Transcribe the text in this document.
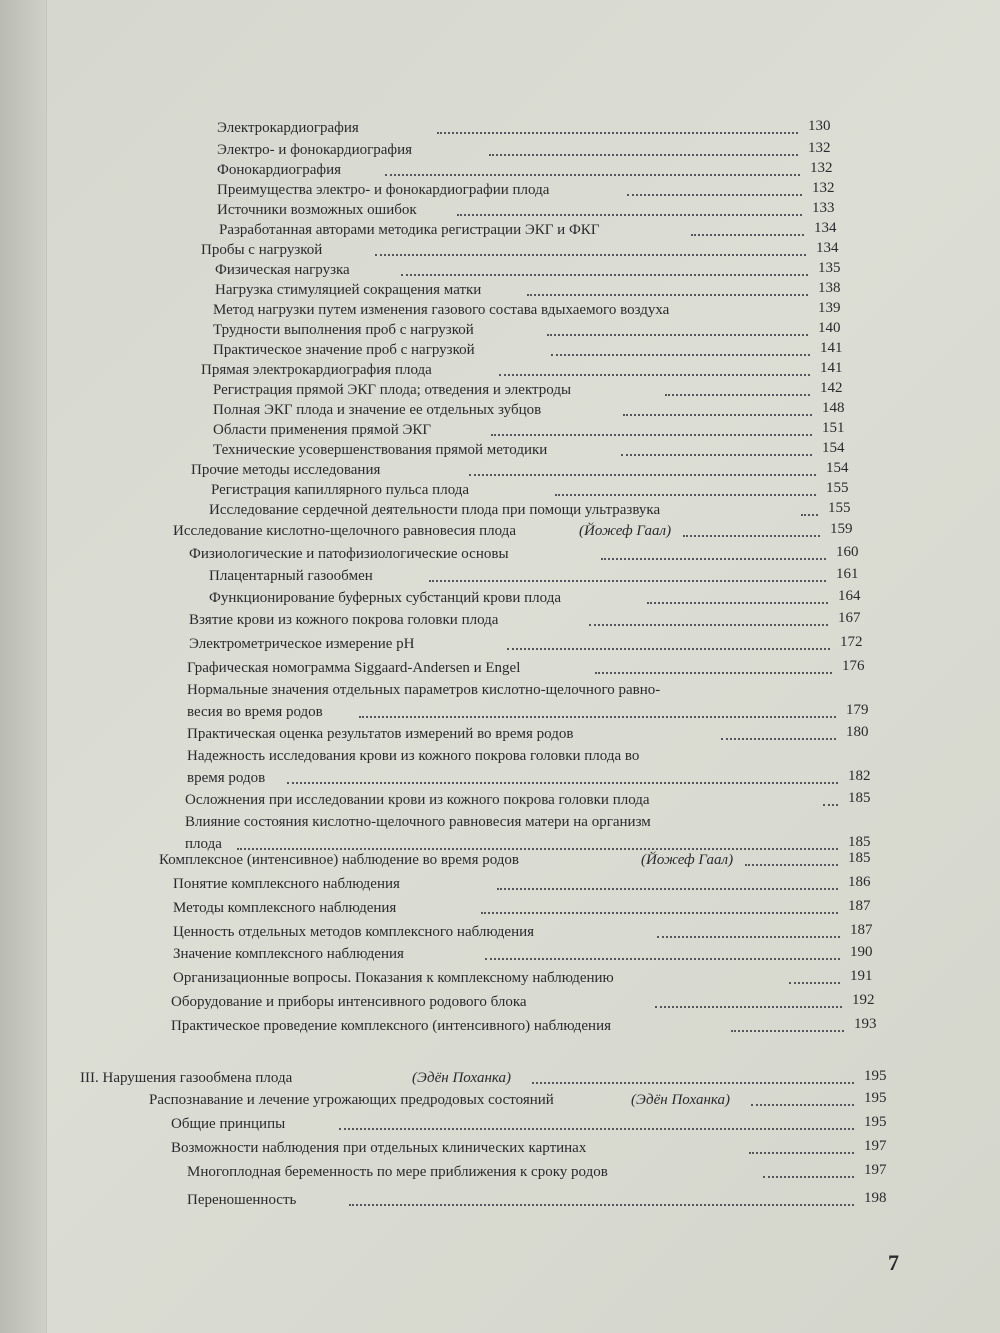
Электрокардиография	130
Электро- и фонокардиография	132
Фонокардиография	132
Преимущества электро- и фонокардиографии плода	132
Источники возможных ошибок	133
Разработанная авторами методика регистрации ЭКГ и ФКГ	134
Пробы с нагрузкой	134
Физическая нагрузка	135
Нагрузка стимуляцией сокращения матки	138
Метод нагрузки путем изменения газового состава вдыхаемого воздуха	139
Трудности выполнения проб с нагрузкой	140
Практическое значение проб с нагрузкой	141
Прямая электрокардиография плода	141
Регистрация прямой ЭКГ плода; отведения и электроды	142
Полная ЭКГ плода и значение ее отдельных зубцов	148
Области применения прямой ЭКГ	151
Технические усовершенствования прямой методики	154
Прочие методы исследования	154
Регистрация капиллярного пульса плода	155
Исследование сердечной деятельности плода при помощи ультразвука	155
Исследование кислотно-щелочного равновесия плода	(Йожеф Гаал)	159
Физиологические и патофизиологические основы	160
Плацентарный газообмен	161
Функционирование буферных субстанций крови плода	164
Взятие крови из кожного покрова головки плода	167
Электрометрическое измерение pH	172
Графическая номограмма Siggaard-Andersen и Engel	176
Нормальные значения отдельных параметров кислотно-щелочного равно-
весия во время родов	179
Практическая оценка результатов измерений во время родов	180
Надежность исследования крови из кожного покрова головки плода во
время родов	182
Осложнения при исследовании крови из кожного покрова головки плода	185
Влияние состояния кислотно-щелочного равновесия матери на организм
плода	185
Комплексное (интенсивное) наблюдение во время родов	(Йожеф Гаал)	185
Понятие комплексного наблюдения	186
Методы комплексного наблюдения	187
Ценность отдельных методов комплексного наблюдения	187
Значение комплексного наблюдения	190
Организационные вопросы. Показания к комплексному наблюдению	191
Оборудование и приборы интенсивного родового блока	192
Практическое проведение комплексного (интенсивного) наблюдения	193
III. Нарушения газообмена плода	(Эдён Поханка)	195
Распознавание и лечение угрожающих предродовых состояний	(Эдён Поханка)	195
Общие принципы	195
Возможности наблюдения при отдельных клинических картинах	197
Многоплодная беременность по мере приближения к сроку родов	197
Переношенность	198
7
